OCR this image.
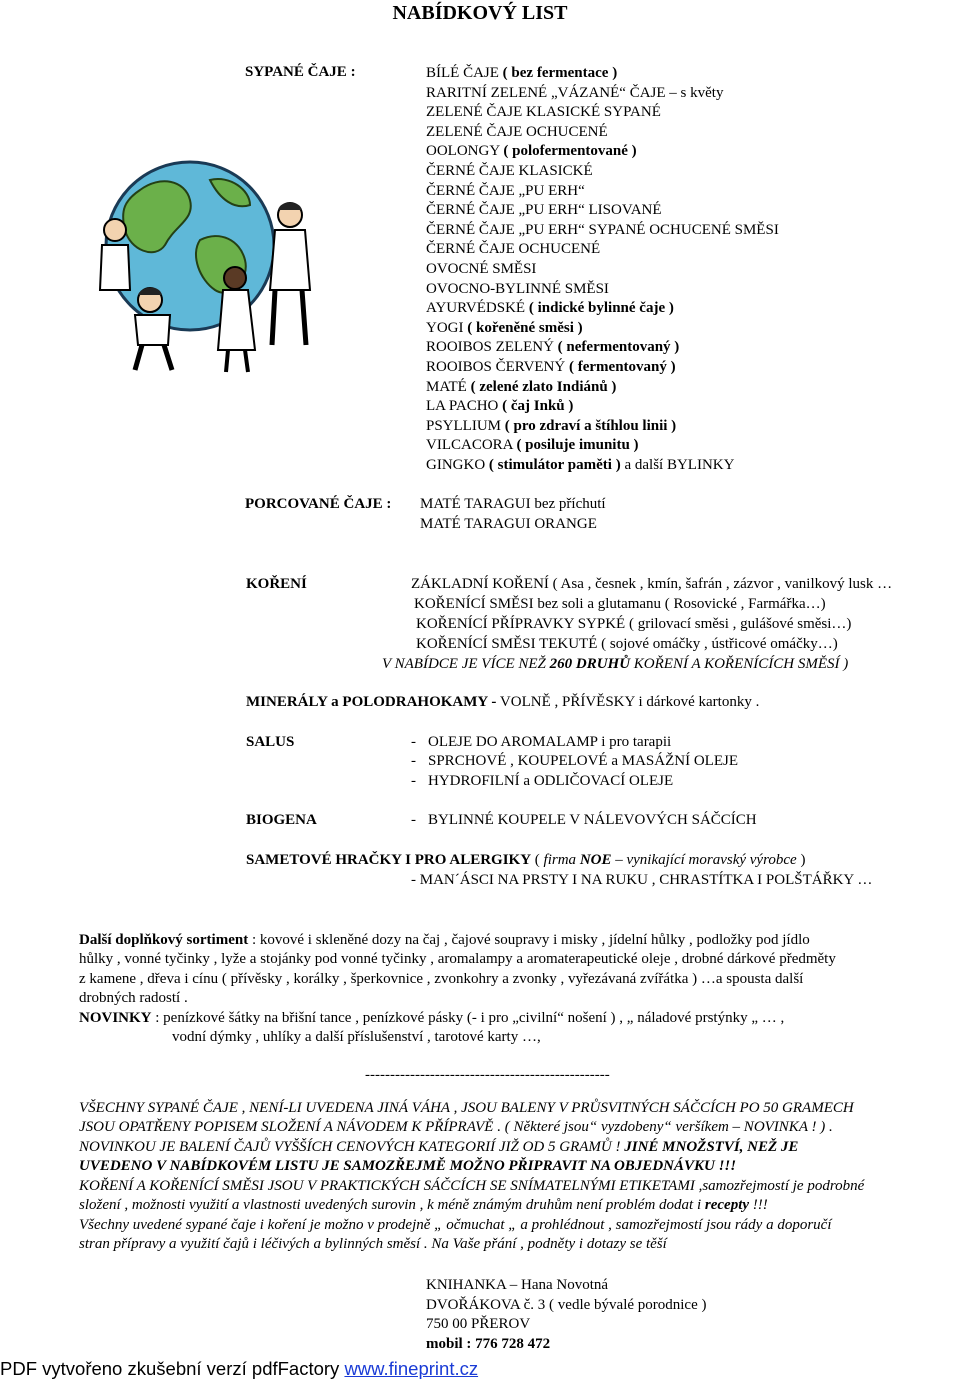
NABÍDKOVÝ LIST
SYPANÉ ČAJE :	BÍLÉ ČAJE ( bez fermentace )
RARITNÍ ZELENÉ „VÁZANÉ“ ČAJE – s květy
ZELENÉ ČAJE KLASICKÉ SYPANÉ
ZELENÉ ČAJE OCHUCENÉ
OOLONGY ( polofermentované )
ČERNÉ ČAJE KLASICKÉ
ČERNÉ ČAJE „PU ERH“
ČERNÉ ČAJE „PU ERH“ LISOVANÉ
ČERNÉ ČAJE „PU ERH“ SYPANÉ OCHUCENÉ SMĚSI
ČERNÉ ČAJE OCHUCENÉ
OVOCNÉ SMĚSI
OVOCNO-BYLINNÉ SMĚSI
AYURVÉDSKÉ ( indické bylinné čaje )
YOGI ( kořeněné směsi )
ROOIBOS ZELENÝ ( nefermentovaný )
ROOIBOS ČERVENÝ ( fermentovaný )
MATÉ ( zelené zlato Indiánů )
LA PACHO ( čaj Inků )
PSYLLIUM ( pro zdraví a štíhlou linii )
VILCACORA ( posiluje imunitu )
GINGKO ( stimulátor paměti ) a další BYLINKY
PORCOVANÉ ČAJE : MATÉ TARAGUI bez příchutí
MATÉ TARAGUI ORANGE
KOŘENÍ	ZÁKLADNÍ KOŘENÍ ( Asa , česnek , kmín, šafrán , zázvor , vanilkový lusk …
KOŘENÍCÍ SMĚSI bez soli a glutamanu ( Rosovické , Farmářka…)
KOŘENÍCÍ PŘÍPRAVKY SYPKÉ ( grilovací směsi , gulášové směsi…)
KOŘENÍCÍ SMĚSI TEKUTÉ ( sojové omáčky , ústřicové omáčky…)
V NABÍDCE JE VÍCE NEŽ 260 DRUHŮ KOŘENÍ A KOŘENÍCÍCH SMĚSÍ )
MINERÁLY a POLODRAHOKAMY - VOLNĚ , PŘÍVĚSKY i dárkové kartonky .
SALUS	- OLEJE DO AROMALAMP i pro tarapii
- SPRCHOVÉ , KOUPELOVÉ a MASÁŽNÍ OLEJE
- HYDROFILNÍ a ODLIČOVACÍ OLEJE
BIOGENA	- BYLINNÉ KOUPELE V NÁLEVOVÝCH SÁČCÍCH
SAMETOVÉ HRAČKY I PRO ALERGIKY ( firma NOE – vynikající moravský výrobce )
- MAN´ÁSCI NA PRSTY I NA RUKU , CHRASTÍTKA I POLŠTÁŘKY …
Další doplňkový sortiment : kovové i skleněné dozy na čaj , čajové soupravy i misky , jídelní hůlky , podložky pod jídlo
hůlky , vonné tyčinky , lyže a stojánky pod vonné tyčinky , aromalampy a aromaterapeutické oleje , drobné dárkové předměty
z kamene , dřeva i cínu ( přívěsky , korálky , šperkovnice , zvonkohry a zvonky , vyřezávaná zvířátka ) …a spousta další
drobných radostí .
NOVINKY : penízkové šátky na břišní tance , penízkové pásky (- i pro „civilní“ nošení ) , „ náladové prstýnky „ … ,
vodní dýmky , uhlíky a další příslušenství , tarotové karty …,
-------------------------------------------------
VŠECHNY SYPANÉ ČAJE , NENÍ-LI UVEDENA JINÁ VÁHA , JSOU BALENY V PRŮSVITNÝCH SÁČCÍCH PO 50 GRAMECH
JSOU OPATŘENY POPISEM SLOŽENÍ A NÁVODEM K PŘÍPRAVĚ . ( Některé jsou“ vyzdobeny“ veršíkem – NOVINKA ! ) .
NOVINKOU JE BALENÍ ČAJŮ VYŠŠÍCH CENOVÝCH KATEGORIÍ JIŽ OD 5 GRAMŮ ! JINÉ MNOŽSTVÍ, NEŽ JE
UVEDENO V NABÍDKOVÉM LISTU JE SAMOZŘEJMĚ MOŽNO PŘIPRAVIT NA OBJEDNÁVKU !!!
KOŘENÍ A KOŘENÍCÍ SMĚSI JSOU V PRAKTICKÝCH SÁČCÍCH SE SNÍMATELNÝMI ETIKETAMI ,samozřejmostí je podrobné
složení , možnosti využití a vlastnosti uvedených surovin , k méně známým druhům není problém dodat i recepty !!!
Všechny uvedené sypané čaje i koření je možno v prodejně „ očmuchat „ a prohlédnout , samozřejmostí jsou rády a doporučí
stran přípravy a využití čajů i léčivých a bylinných směsí . Na Vaše přání , podněty i dotazy se těší
KNIHANKA – Hana Novotná
DVOŘÁKOVA č. 3 ( vedle bývalé porodnice )
750 00 PŘEROV
mobil : 776 728 472
PDF vytvořeno zkušební verzí pdfFactory www.fineprint.cz
